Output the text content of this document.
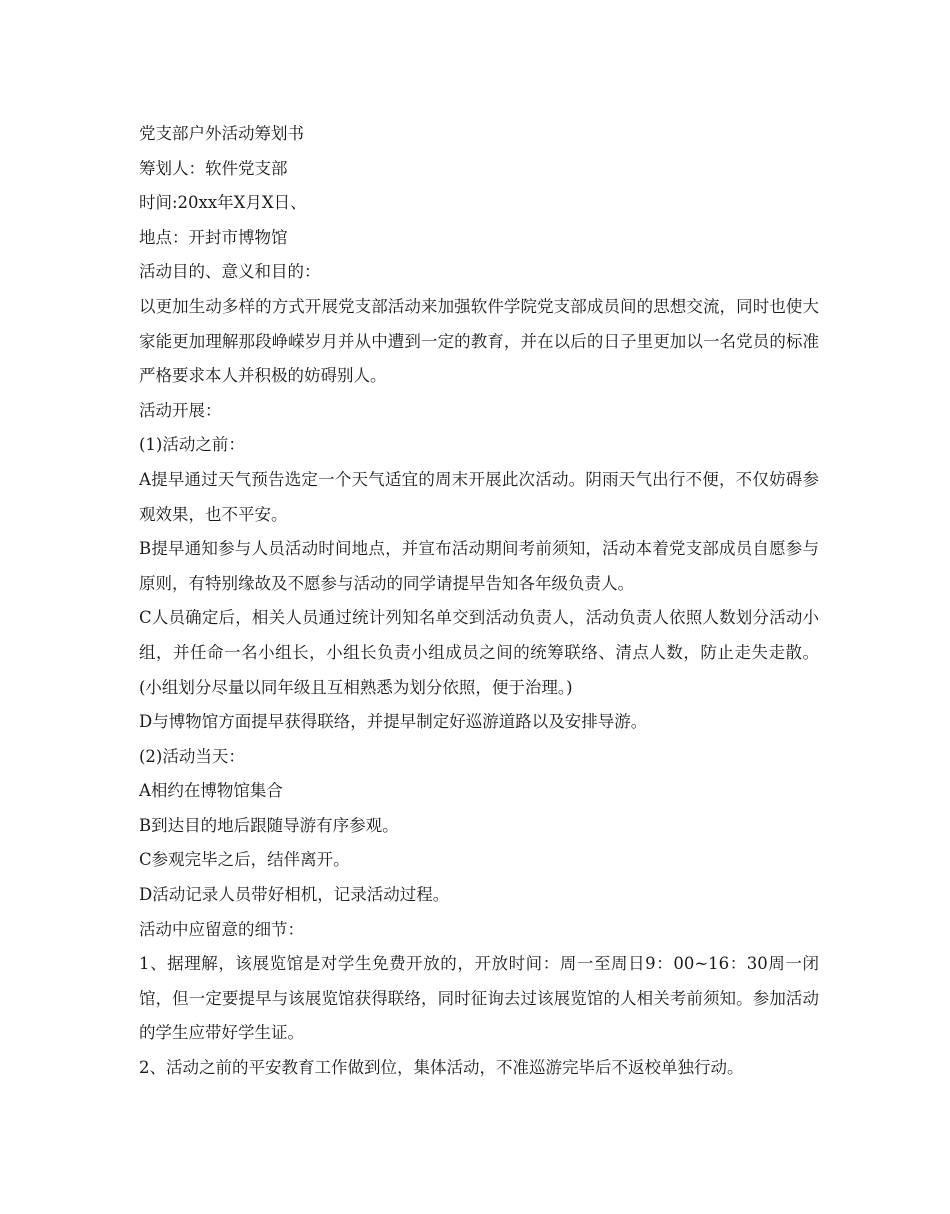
党支部户外活动筹划书
筹划人：软件党支部
时间:20xx年X月X日、
地点：开封市博物馆
活动目的、意义和目的：

以更加生动多样的方式开展党支部活动来加强软件学院党支部成员间的思想交流，同时也使大家能更加理解那段峥嵘岁月并从中遭到一定的教育，并在以后的日子里更加以一名党员的标准严格要求本人并积极的妨碍别人。

活动开展：
(1)活动之前：

A提早通过天气预告选定一个天气适宜的周末开展此次活动。阴雨天气出行不便，不仅妨碍参观效果，也不平安。

B提早通知参与人员活动时间地点，并宣布活动期间考前须知，活动本着党支部成员自愿参与原则，有特别缘故及不愿参与活动的同学请提早告知各年级负责人。

C人员确定后，相关人员通过统计列知名单交到活动负责人，活动负责人依照人数划分活动小组，并任命一名小组长，小组长负责小组成员之间的统筹联络、清点人数，防止走失走散。(小组划分尽量以同年级且互相熟悉为划分依照，便于治理。)

D与博物馆方面提早获得联络，并提早制定好巡游道路以及安排导游。
(2)活动当天：
A相约在博物馆集合
B到达目的地后跟随导游有序参观。
C参观完毕之后，结伴离开。
D活动记录人员带好相机，记录活动过程。
活动中应留意的细节：

1、据理解，该展览馆是对学生免费开放的，开放时间：周一至周日9：00~16：30周一闭馆，但一定要提早与该展览馆获得联络，同时征询去过该展览馆的人相关考前须知。参加活动的学生应带好学生证。

2、活动之前的平安教育工作做到位，集体活动，不准巡游完毕后不返校单独行动。
